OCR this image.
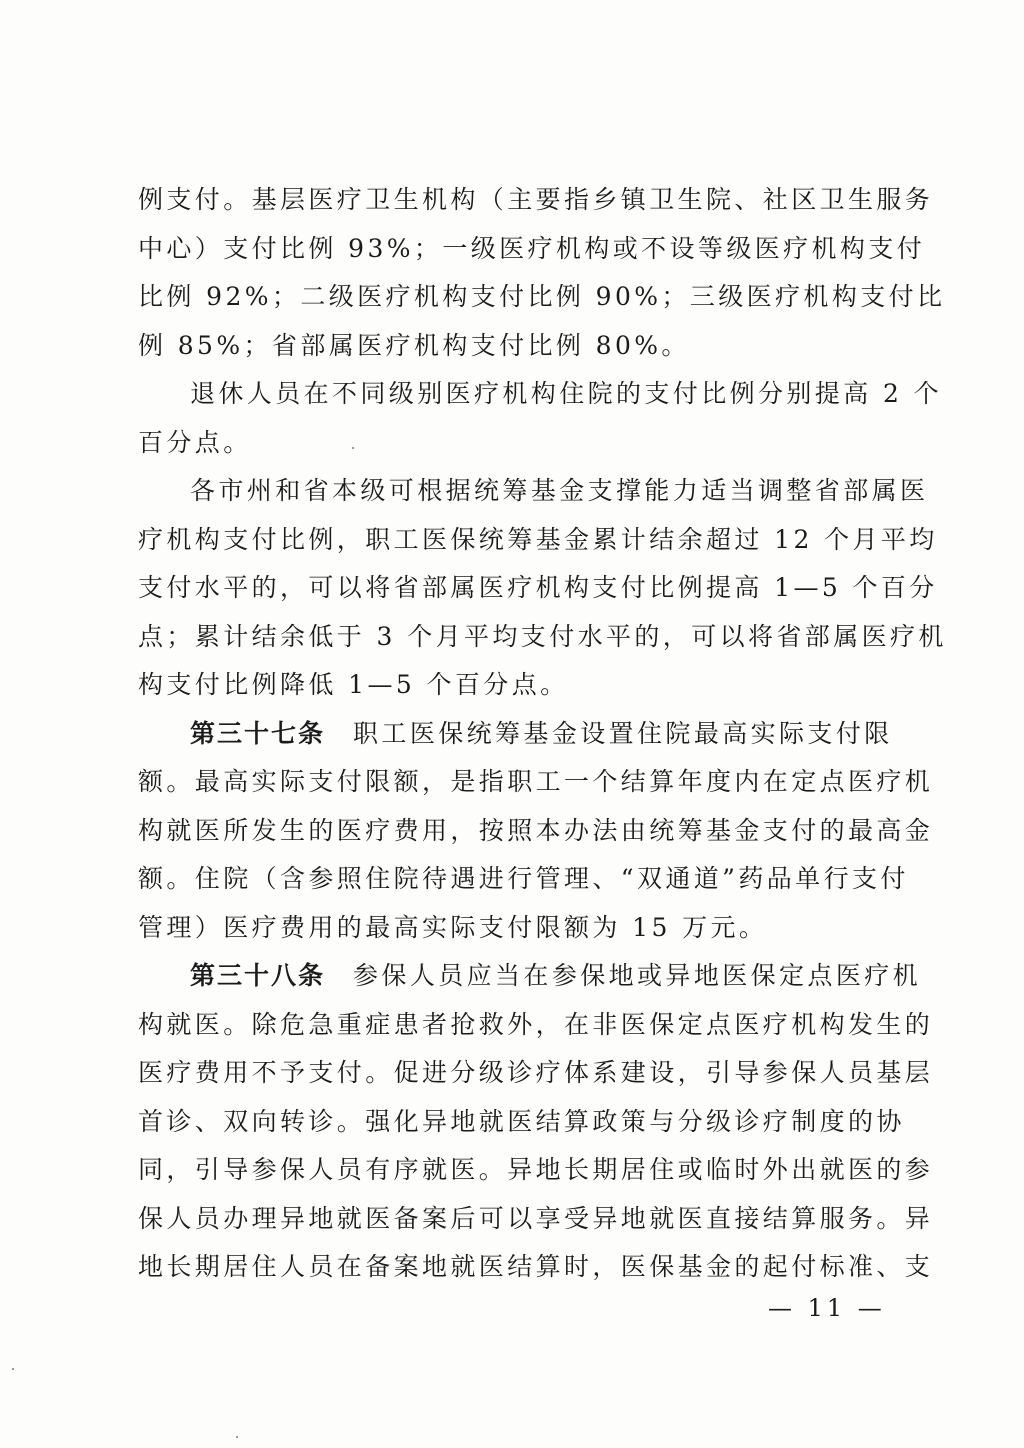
例支付。基层医疗卫生机构（主要指乡镇卫生院、社区卫生服务
中心）支付比例 93%；一级医疗机构或不设等级医疗机构支付
比例 92%；二级医疗机构支付比例 90%；三级医疗机构支付比
例 85%；省部属医疗机构支付比例 80%。
退休人员在不同级别医疗机构住院的支付比例分别提高 2 个
百分点。
各市州和省本级可根据统筹基金支撑能力适当调整省部属医
疗机构支付比例，职工医保统筹基金累计结余超过 12 个月平均
支付水平的，可以将省部属医疗机构支付比例提高 1—5 个百分
点；累计结余低于 3 个月平均支付水平的，可以将省部属医疗机
构支付比例降低 1—5 个百分点。
第三十七条 职工医保统筹基金设置住院最高实际支付限
额。最高实际支付限额，是指职工一个结算年度内在定点医疗机
构就医所发生的医疗费用，按照本办法由统筹基金支付的最高金
额。住院（含参照住院待遇进行管理、“双通道”药品单行支付
管理）医疗费用的最高实际支付限额为 15 万元。
第三十八条 参保人员应当在参保地或异地医保定点医疗机
构就医。除危急重症患者抢救外，在非医保定点医疗机构发生的
医疗费用不予支付。促进分级诊疗体系建设，引导参保人员基层
首诊、双向转诊。强化异地就医结算政策与分级诊疗制度的协
同，引导参保人员有序就医。异地长期居住或临时外出就医的参
保人员办理异地就医备案后可以享受异地就医直接结算服务。异
地长期居住人员在备案地就医结算时，医保基金的起付标准、支
— 11 —
